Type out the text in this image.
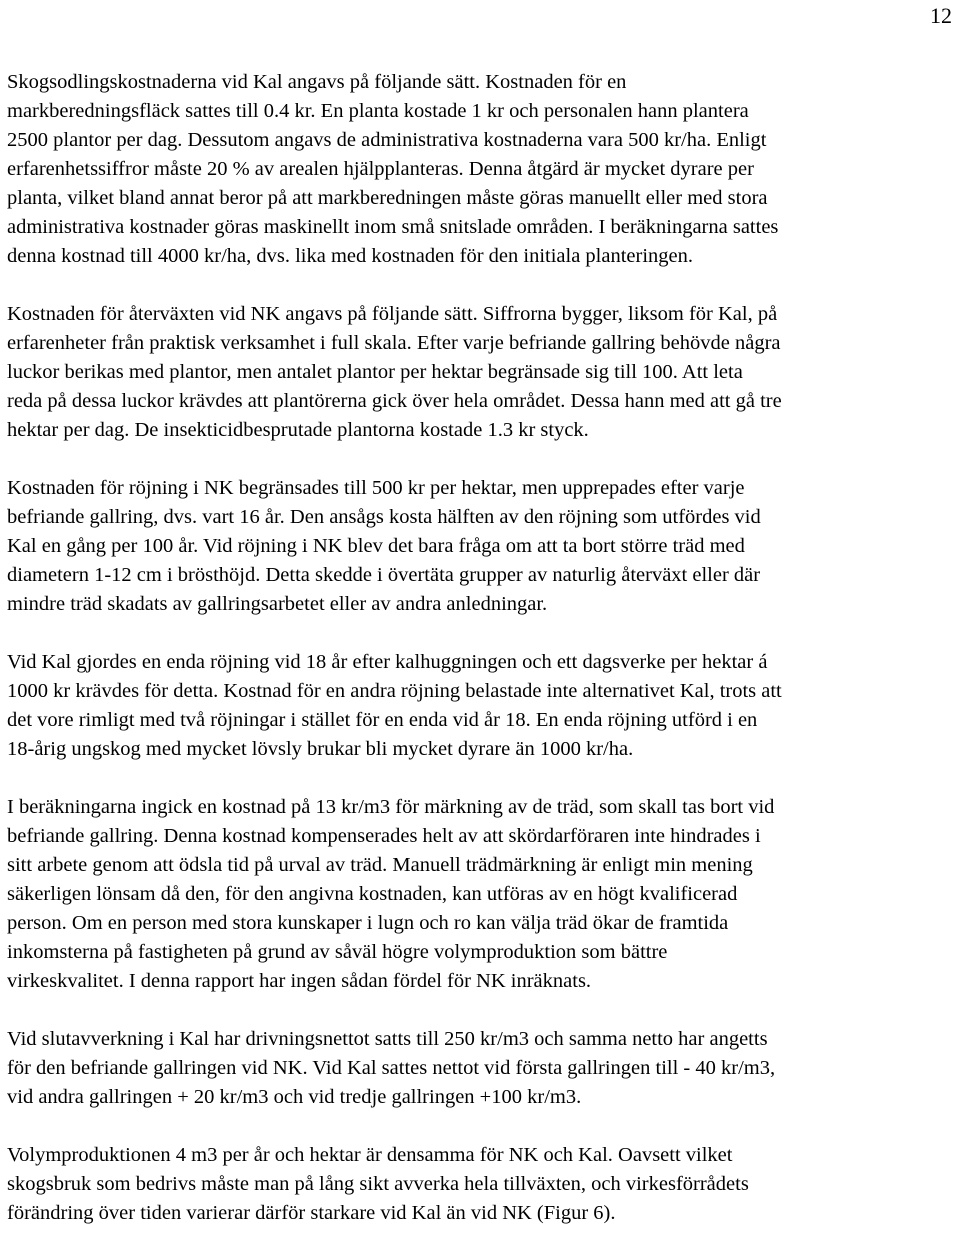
12

Skogsodlingskostnaderna vid Kal angavs på följande sätt. Kostnaden för en
markberedningsfläck sattes till 0.4 kr. En planta kostade 1 kr och personalen hann plantera
2500 plantor per dag. Dessutom angavs de administrativa kostnaderna vara 500 kr/ha. Enligt
erfarenhetssiffror måste 20 % av arealen hjälpplanteras. Denna åtgärd är mycket dyrare per
planta, vilket bland annat beror på att markberedningen måste göras manuellt eller med stora
administrativa kostnader göras maskinellt inom små snitslade områden. I beräkningarna sattes
denna kostnad till 4000 kr/ha, dvs. lika med kostnaden för den initiala planteringen.

Kostnaden för återväxten vid NK angavs på följande sätt. Siffrorna bygger, liksom för Kal, på
erfarenheter från praktisk verksamhet i full skala. Efter varje befriande gallring behövde några
luckor berikas med plantor, men antalet plantor per hektar begränsade sig till 100. Att leta
reda på dessa luckor krävdes att plantörerna gick över hela området. Dessa hann med att gå tre
hektar per dag. De insekticidbesprutade plantorna kostade 1.3 kr styck.

Kostnaden för röjning i NK begränsades till 500 kr per hektar, men upprepades efter varje
befriande gallring, dvs. vart 16 år. Den ansågs kosta hälften av den röjning som utfördes vid
Kal en gång per 100 år. Vid röjning i NK blev det bara fråga om att ta bort större träd med
diametern 1-12 cm i brösthöjd. Detta skedde i övertäta grupper av naturlig återväxt eller där
mindre träd skadats av gallringsarbetet eller av andra anledningar.

Vid Kal gjordes en enda röjning vid 18 år efter kalhuggningen och ett dagsverke per hektar á
1000 kr krävdes för detta. Kostnad för en andra röjning belastade inte alternativet Kal, trots att
det vore rimligt med två röjningar i stället för en enda vid år 18. En enda röjning utförd i en
18-årig ungskog med mycket lövsly brukar bli mycket dyrare än 1000 kr/ha.

I beräkningarna ingick en kostnad på 13 kr/m3 för märkning av de träd, som skall tas bort vid
befriande gallring. Denna kostnad kompenserades helt av att skördarföraren inte hindrades i
sitt arbete genom att ödsla tid på urval av träd. Manuell trädmärkning är enligt min mening
säkerligen lönsam då den, för den angivna kostnaden, kan utföras av en högt kvalificerad
person. Om en person med stora kunskaper i lugn och ro kan välja träd ökar de framtida
inkomsterna på fastigheten på grund av såväl högre volymproduktion som bättre
virkeskvalitet. I denna rapport har ingen sådan fördel för NK inräknats.

Vid slutavverkning i Kal har drivningsnettot satts till 250 kr/m3 och samma netto har angetts
för den befriande gallringen vid NK. Vid Kal sattes nettot vid första gallringen till - 40 kr/m3,
vid andra gallringen + 20 kr/m3 och vid tredje gallringen +100 kr/m3.

Volymproduktionen 4 m3 per år och hektar är densamma för NK och Kal. Oavsett vilket
skogsbruk som bedrivs måste man på lång sikt avverka hela tillväxten, och virkesförrådets
förändring över tiden varierar därför starkare vid Kal än vid NK (Figur 6).
